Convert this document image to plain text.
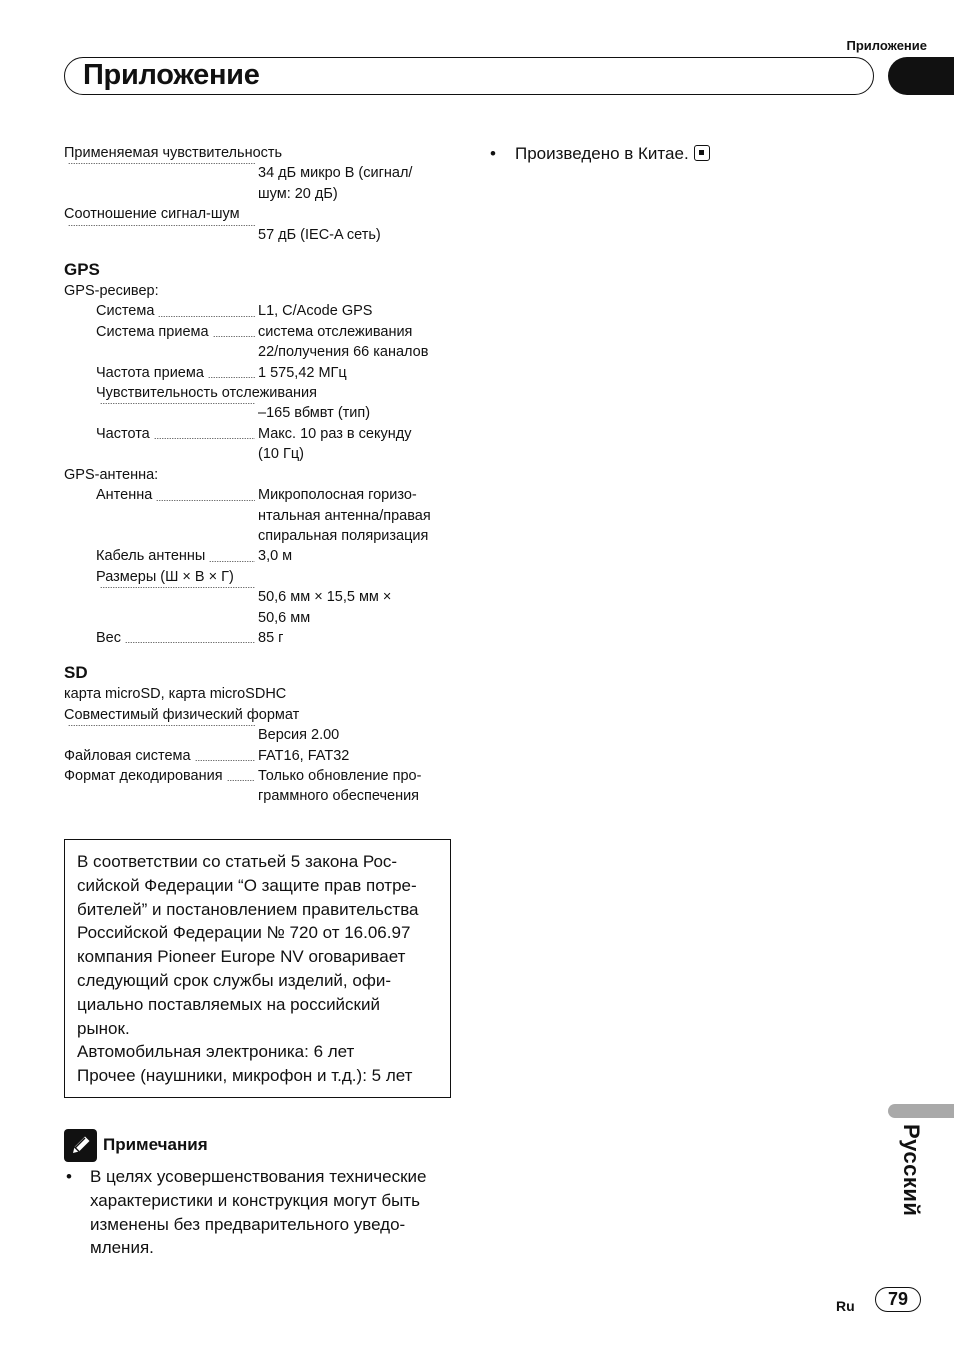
Приложение
Приложение
Применяемая чувствительность
34 дБ микро В (сигнал/
шум: 20 дБ)
Соотношение сигнал-шум
57 дБ (IEC-A сеть)
GPS
GPS-ресивер:
Система	L1, C/Acode GPS
Система приема	система отслеживания
22/получения 66 каналов
Частота приема	1 575,42 МГц
Чувствительность отслеживания
–165 вбмвт (тип)
Частота	Макс. 10 раз в секунду
(10 Гц)
GPS-антенна:
Антенна	Микрополосная горизо-
нтальная антенна/правая
спиральная поляризация
Кабель антенны	3,0 м
Размеры (Ш × В × Г)
50,6 мм × 15,5 мм ×
50,6 мм
Вес	85 г
SD
карта microSD, карта microSDHC
Совместимый физический формат
Версия 2.00
Файловая система	FAT16, FAT32
Формат декодирования Только обновление про-
граммного обеспечения
В соответствии со статьей 5 закона Рос-
сийской Федерации “О защите прав потре-
бителей” и постановлением правительства
Российской Федерации № 720 от 16.06.97
компания Pioneer Europe NV оговаривает
следующий срок службы изделий, офи-
циально поставляемых на российский
рынок.
Автомобильная электроника: 6 лет
Прочее (наушники, микрофон и т.д.): 5 лет
Примечания
•	В целях усовершенствования технические
характеристики и конструкция могут быть
изменены без предварительного уведо-
мления.
•	Произведено в Китае.
Русский
Ru	79
